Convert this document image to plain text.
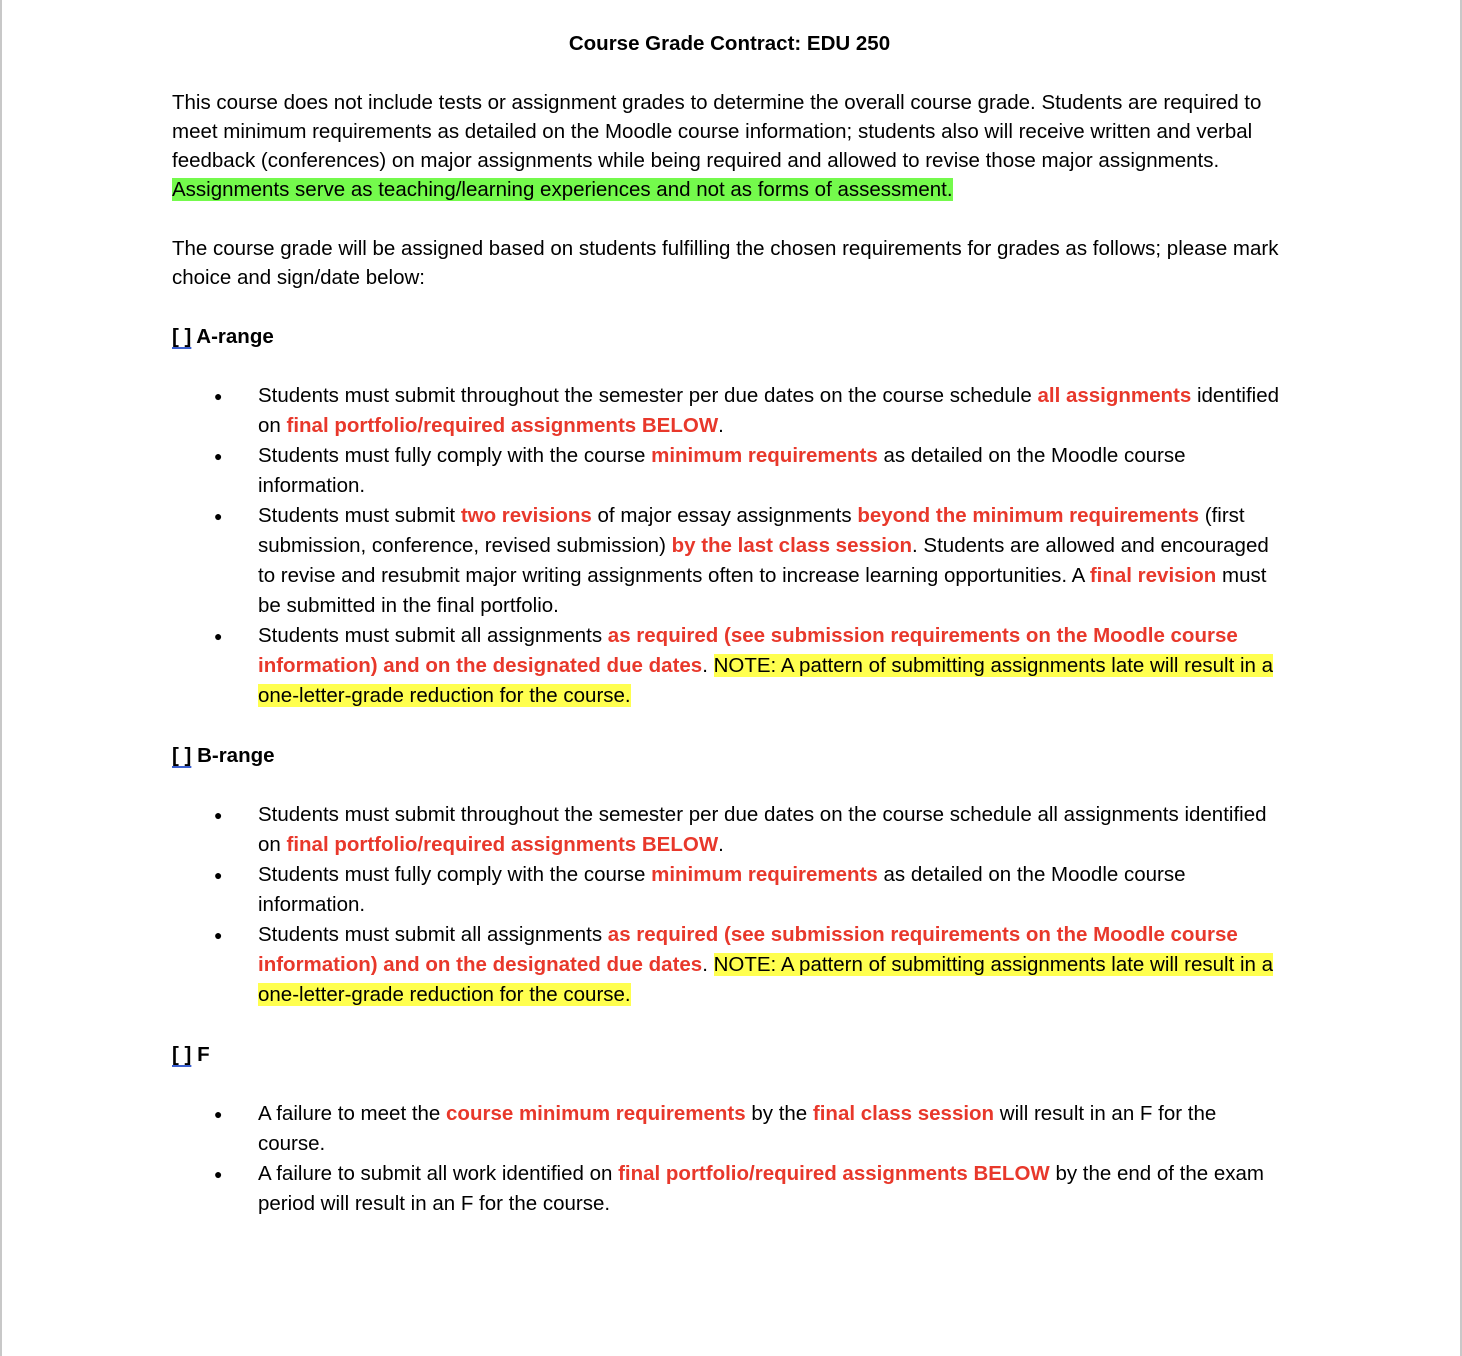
Course Grade Contract: EDU 250

This course does not include tests or assignment grades to determine the overall course grade. Students are required to meet minimum requirements as detailed on the Moodle course information; students also will receive written and verbal feedback (conferences) on major assignments while being required and allowed to revise those major assignments. Assignments serve as teaching/learning experiences and not as forms of assessment.

The course grade will be assigned based on students fulfilling the chosen requirements for grades as follows; please mark choice and sign/date below:

[ ] A-range

● Students must submit throughout the semester per due dates on the course schedule all assignments identified on final portfolio/required assignments BELOW.
● Students must fully comply with the course minimum requirements as detailed on the Moodle course information.
● Students must submit two revisions of major essay assignments beyond the minimum requirements (first submission, conference, revised submission) by the last class session. Students are allowed and encouraged to revise and resubmit major writing assignments often to increase learning opportunities. A final revision must be submitted in the final portfolio.
● Students must submit all assignments as required (see submission requirements on the Moodle course information) and on the designated due dates. NOTE: A pattern of submitting assignments late will result in a one-letter-grade reduction for the course.

[ ] B-range

● Students must submit throughout the semester per due dates on the course schedule all assignments identified on final portfolio/required assignments BELOW.
● Students must fully comply with the course minimum requirements as detailed on the Moodle course information.
● Students must submit all assignments as required (see submission requirements on the Moodle course information) and on the designated due dates. NOTE: A pattern of submitting assignments late will result in a one-letter-grade reduction for the course.

[ ] F

● A failure to meet the course minimum requirements by the final class session will result in an F for the course.
● A failure to submit all work identified on final portfolio/required assignments BELOW by the end of the exam period will result in an F for the course.
